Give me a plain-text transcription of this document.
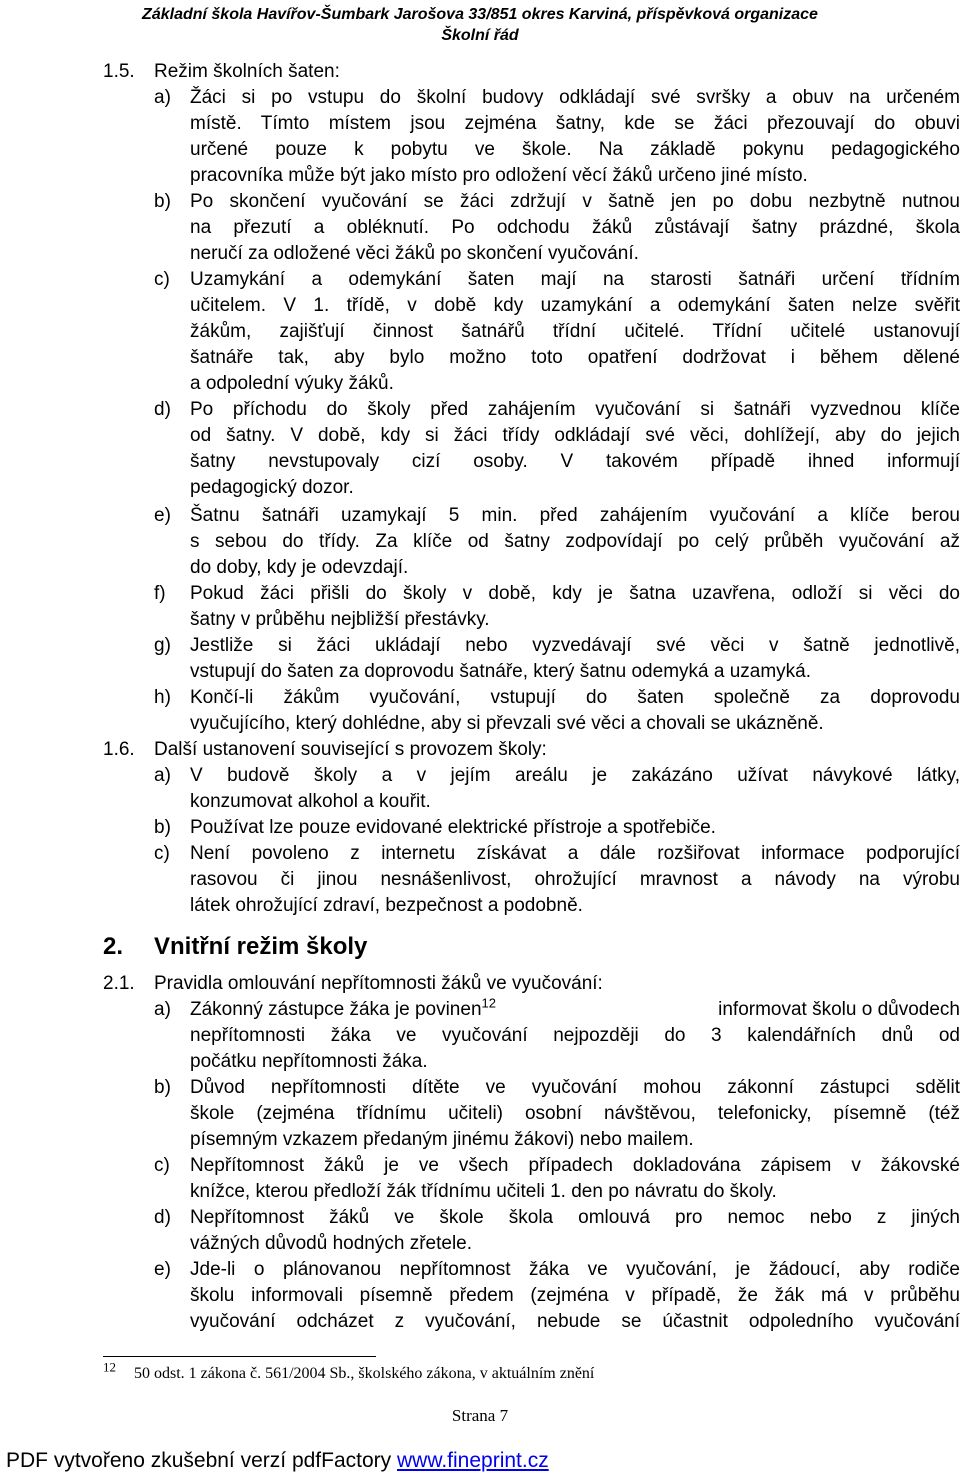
Základní škola Havířov-Šumbark Jarošova 33/851 okres Karviná, příspěvková organizace
Školní řád
1.5. Režim školních šaten:
a) Žáci si po vstupu do školní budovy odkládají své svršky a obuv na určeném
místě. Tímto místem jsou zejména šatny, kde se žáci přezouvají do obuvi
určené pouze k pobytu ve škole. Na základě pokynu pedagogického
pracovníka může být jako místo pro odložení věcí žáků určeno jiné místo.
b) Po skončení vyučování se žáci zdržují v šatně jen po dobu nezbytně nutnou
na přezutí a obléknutí. Po odchodu žáků zůstávají šatny prázdné, škola
neručí za odložené věci žáků po skončení vyučování.
c) Uzamykání a odemykání šaten mají na starosti šatnáři určení třídním
učitelem. V 1. třídě, v době kdy uzamykání a odemykání šaten nelze svěřit
žákům, zajišťují činnost šatnářů třídní učitelé. Třídní učitelé ustanovují
šatnáře tak, aby bylo možno toto opatření dodržovat i během dělené
a odpolední výuky žáků.
d) Po příchodu do školy před zahájením vyučování si šatnáři vyzvednou klíče
od šatny. V době, kdy si žáci třídy odkládají své věci, dohlížejí, aby do jejich
šatny nevstupovaly cizí osoby. V takovém případě ihned informují
pedagogický dozor.
e) Šatnu šatnáři uzamykají 5 min. před zahájením vyučování a klíče berou
s sebou do třídy. Za klíče od šatny zodpovídají po celý průběh vyučování až
do doby, kdy je odevzdají.
f) Pokud žáci přišli do školy v době, kdy je šatna uzavřena, odloží si věci do
šatny v průběhu nejbližší přestávky.
g) Jestliže si žáci ukládají nebo vyzvedávají své věci v šatně jednotlivě,
vstupují do šaten za doprovodu šatnáře, který šatnu odemyká a uzamyká.
h) Končí-li žákům vyučování, vstupují do šaten společně za doprovodu
vyučujícího, který dohlédne, aby si převzali své věci a chovali se ukázněně.
1.6. Další ustanovení související s provozem školy:
a) V budově školy a v jejím areálu je zakázáno užívat návykové látky,
konzumovat alkohol a kouřit.
b) Používat lze pouze evidované elektrické přístroje a spotřebiče.
c) Není povoleno z internetu získávat a dále rozšiřovat informace podporující
rasovou či jinou nesnášenlivost, ohrožující mravnost a návody na výrobu
látek ohrožující zdraví, bezpečnost a podobně.
2.1. Pravidla omlouvání nepřítomnosti žáků ve vyučování:
nepřítomnosti žáka ve vyučování nejpozději do 3 kalendářních dnů od
počátku nepřítomnosti žáka.
b) Důvod nepřítomnosti dítěte ve vyučování mohou zákonní zástupci sdělit
škole (zejména třídnímu učiteli) osobní návštěvou, telefonicky, písemně (též
písemným vzkazem předaným jinému žákovi) nebo mailem.
c) Nepřítomnost žáků je ve všech případech dokladována zápisem v žákovské
knížce, kterou předloží žák třídnímu učiteli 1. den po návratu do školy.
d) Nepřítomnost žáků ve škole škola omlouvá pro nemoc nebo z jiných
vážných důvodů hodných zřetele.
e) Jde-li o plánovanou nepřítomnost žáka ve vyučování, je žádoucí, aby rodiče
školu informovali písemně předem (zejména v případě, že žák má v průběhu
vyučování odcházet z vyučování, nebude se účastnit odpoledního vyučování
2. Vnitřní režim školy
a)	Zákonný zástupce žáka je povinen$^{12}$	informovat školu o důvodech
$^{12}$ 50 odst. 1 zákona č. 561/2004 Sb., školského zákona, v aktuálním znění
Strana 7
PDF vytvořeno zkušební verzí pdfFactory www.fineprint.cz
